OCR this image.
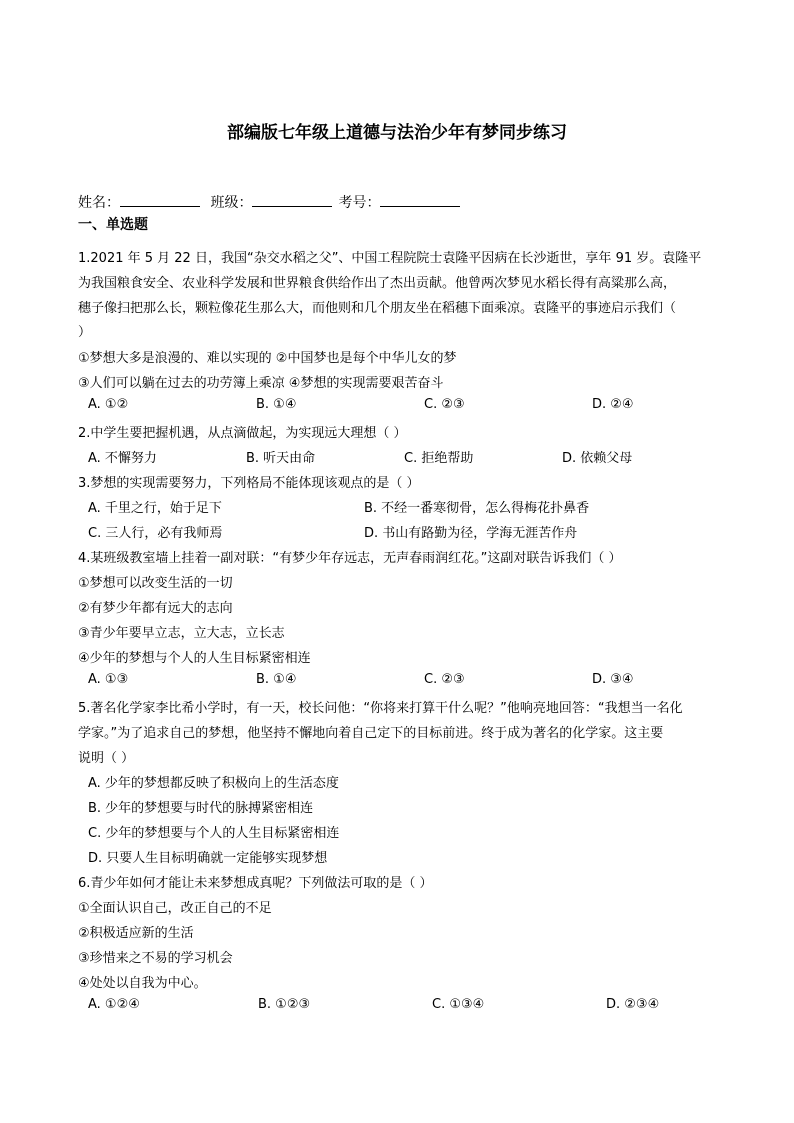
部编版七年级上道德与法治少年有梦同步练习
姓名：	班级：	考号：
一、单选题
1.2021 年 5 月 22 日，我国“杂交水稻之父”、中国工程院院士袁隆平因病在长沙逝世，享年 91 岁。袁隆平
为我国粮食安全、农业科学发展和世界粮食供给作出了杰出贡献。他曾两次梦见水稻长得有高粱那么高，
穗子像扫把那么长，颗粒像花生那么大，而他则和几个朋友坐在稻穗下面乘凉。袁隆平的事迹启示我们（
）
①梦想大多是浪漫的、难以实现的 ②中国梦也是每个中华儿女的梦
③人们可以躺在过去的功劳簿上乘凉 ④梦想的实现需要艰苦奋斗
A. ①②	B. ①④	C. ②③	D. ②④
2.中学生要把握机遇，从点滴做起，为实现远大理想（ ）
A. 不懈努力	B. 听天由命	C. 拒绝帮助	D. 依赖父母
3.梦想的实现需要努力，下列格局不能体现该观点的是（ ）
A. 千里之行，始于足下	B. 不经一番寒彻骨，怎么得梅花扑鼻香
C. 三人行，必有我师焉	D. 书山有路勤为径，学海无涯苦作舟
4.某班级教室墙上挂着一副对联：“有梦少年存远志，无声春雨润红花。”这副对联告诉我们（ ）
①梦想可以改变生活的一切
②有梦少年都有远大的志向
③青少年要早立志，立大志，立长志
④少年的梦想与个人的人生目标紧密相连
A. ①③	B. ①④	C. ②③	D. ③④
5.著名化学家李比希小学时，有一天，校长问他：“你将来打算干什么呢？”他响亮地回答：“我想当一名化
学家。”为了追求自己的梦想，他坚持不懈地向着自己定下的目标前进。终于成为著名的化学家。这主要
说明（ ）
A. 少年的梦想都反映了积极向上的生活态度
B. 少年的梦想要与时代的脉搏紧密相连
C. 少年的梦想要与个人的人生目标紧密相连
D. 只要人生目标明确就一定能够实现梦想
6.青少年如何才能让未来梦想成真呢？下列做法可取的是（ ）
①全面认识自己，改正自己的不足
②积极适应新的生活
③珍惜来之不易的学习机会
④处处以自我为中心。
A. ①②④	B. ①②③	C. ①③④	D. ②③④
